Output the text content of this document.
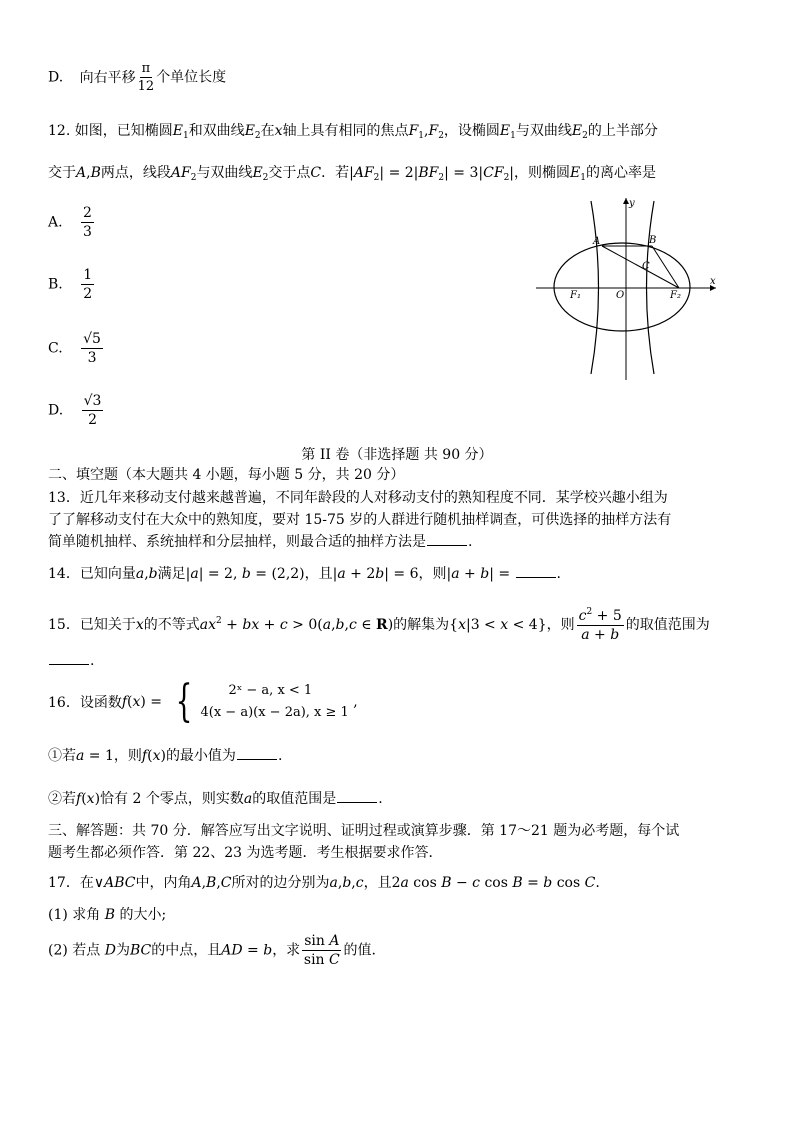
D. 向右平移 $\frac{\pi}{12}$ 个单位长度
12. 如图，已知椭圆$E_1$和双曲线$E_2$在x轴上具有相同的焦点$F_1,F_2$，设椭圆$E_1$与双曲线$E_2$的上半部分
交于A,B两点，线段$AF_2$与双曲线$E_2$交于点C．若$|AF_2| = 2|BF_2| = 3|CF_2|$，则椭圆$E_1$的离心率是
A. $\frac{2}{3}$
B. $\frac{1}{2}$
C. $\frac{√5}{3}$
D. $\frac{√3}{2}$
y
x
A	B
C
O
F₁	F₂
第 II 卷（非选择题 共 90 分）
二、填空题（本大题共 4 小题，每小题 5 分，共 20 分）
13．近几年来移动支付越来越普遍，不同年龄段的人对移动支付的熟知程度不同．某学校兴趣小组为
了了解移动支付在大众中的熟知度，要对 15-75 岁的人群进行随机抽样调查，可供选择的抽样方法有
简单随机抽样、系统抽样和分层抽样，则最合适的抽样方法是	.
14．已知向量a,b满足|a| = 2, b = (2,2)，且|a + 2b| = 6，则|a + b| =	.
15．已知关于x的不等式$ax^2$ + bx + c > 0(a,b,c ∈ R)的解集为{x|3 < x < 4}，则 $\frac{c^2 + 5}{a + b}$ 的取值范围为
.
16．设函数f(x) = {	2ˣ − a, x < 1
4(x − a)(x − 2a), x ≥ 1
,
①若a = 1，则f(x)的最小值为	.
②若f(x)恰有 2 个零点，则实数a的取值范围是	.
三、解答题：共 70 分．解答应写出文字说明、证明过程或演算步骤．第 17～21 题为必考题，每个试
题考生都必须作答．第 22、23 为选考题．考生根据要求作答．
17．在∨ABC中，内角A,B,C所对的边分别为a,b,c，且2a cos B − c cos B = b cos C.
(1) 求角 B 的大小;
(2) 若点 D为BC的中点，且AD = b，求 $\frac{\text{sin A}}{\text{sin C}}$ 的值.
